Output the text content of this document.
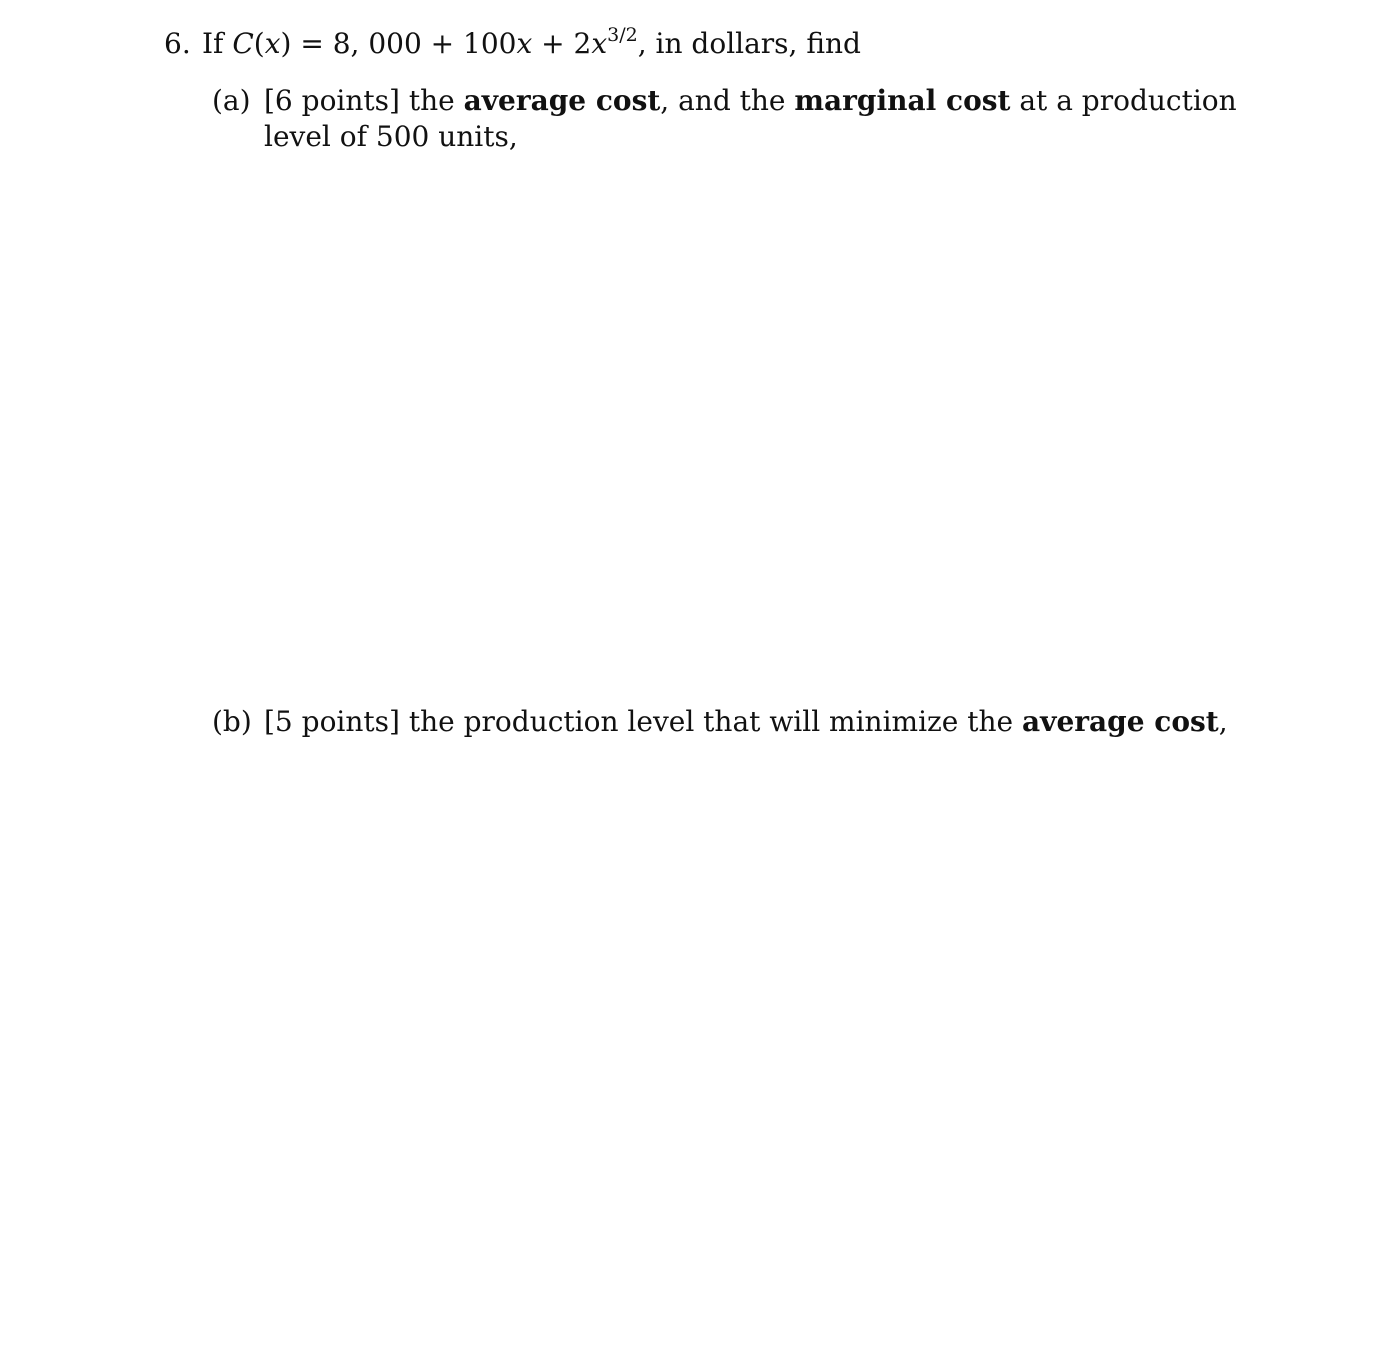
6. If C(x) = 8, $000 + 100x + 2x^{3/2}$, in dollars, find
(a) [6 points] the average cost, and the marginal cost at a production level of 500 units,
(b) [5 points] the production level that will minimize the average cost,
